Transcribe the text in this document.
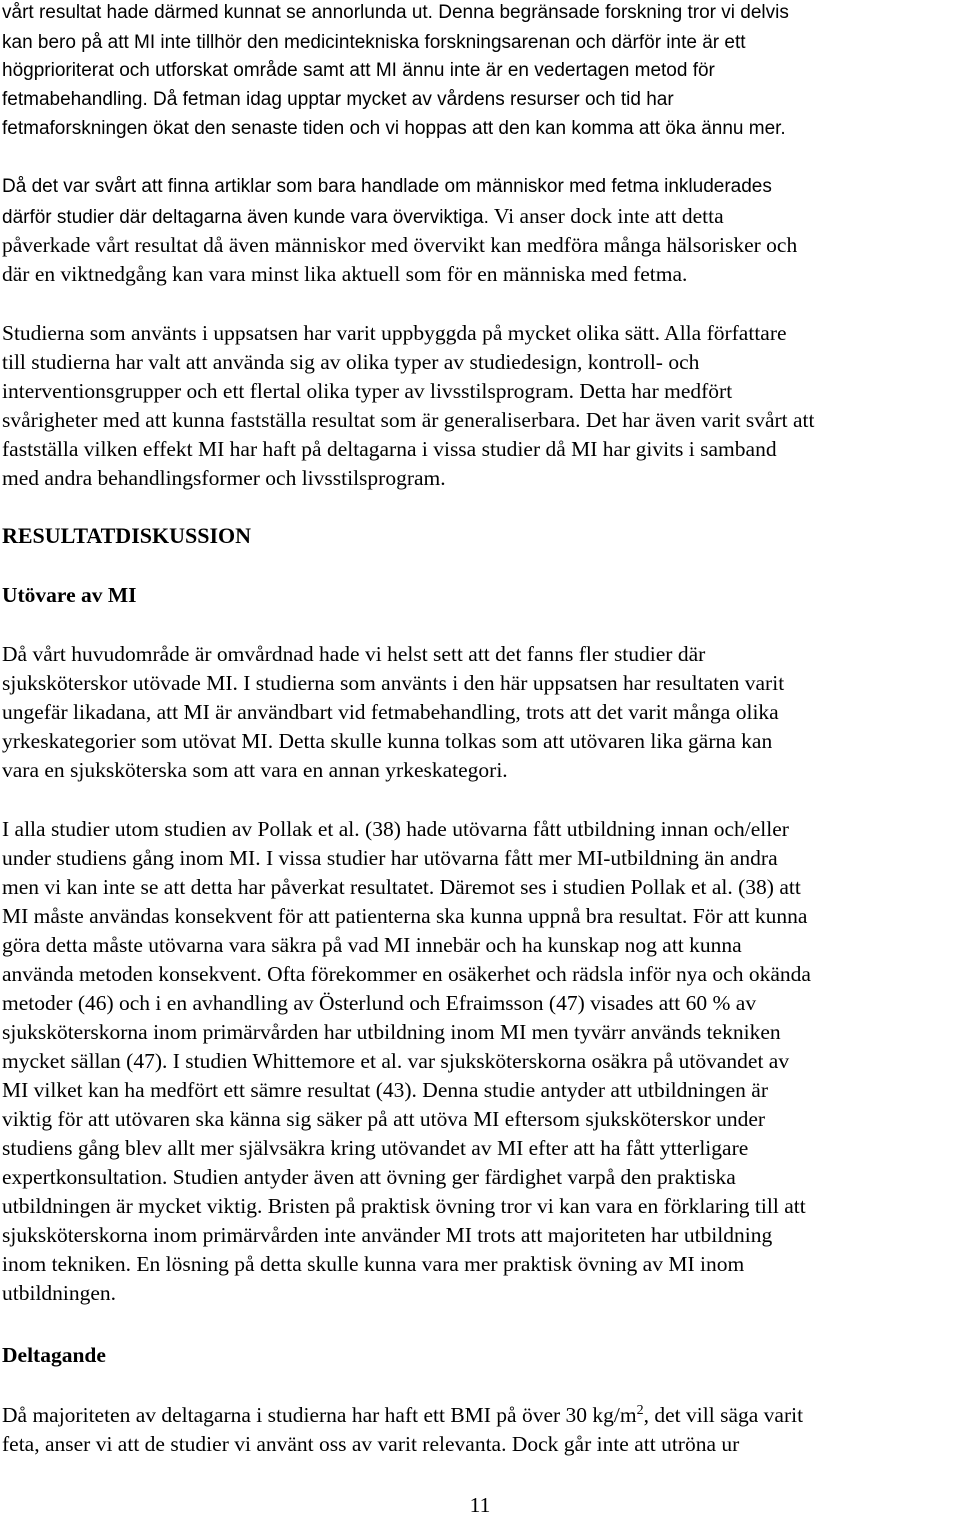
vårt resultat hade därmed kunnat se annorlunda ut. Denna begränsade forskning tror vi delvis
kan bero på att MI inte tillhör den medicintekniska forskningsarenan och därför inte är ett
högprioriterat och utforskat område samt att MI ännu inte är en vedertagen metod för
fetmabehandling. Då fetman idag upptar mycket av vårdens resurser och tid har
fetmaforskningen ökat den senaste tiden och vi hoppas att den kan komma att öka ännu mer.
Då det var svårt att finna artiklar som bara handlade om människor med fetma inkluderades
därför studier där deltagarna även kunde vara överviktiga. Vi anser dock inte att detta
påverkade vårt resultat då även människor med övervikt kan medföra många hälsorisker och
där en viktnedgång kan vara minst lika aktuell som för en människa med fetma.
Studierna som använts i uppsatsen har varit uppbyggda på mycket olika sätt. Alla författare
till studierna har valt att använda sig av olika typer av studiedesign, kontroll- och
interventionsgrupper och ett flertal olika typer av livsstilsprogram. Detta har medfört
svårigheter med att kunna fastställa resultat som är generaliserbara. Det har även varit svårt att
fastställa vilken effekt MI har haft på deltagarna i vissa studier då MI har givits i samband
med andra behandlingsformer och livsstilsprogram.
RESULTATDISKUSSION
Utövare av MI
Då vårt huvudområde är omvårdnad hade vi helst sett att det fanns fler studier där
sjuksköterskor utövade MI. I studierna som använts i den här uppsatsen har resultaten varit
ungefär likadana, att MI är användbart vid fetmabehandling, trots att det varit många olika
yrkeskategorier som utövat MI. Detta skulle kunna tolkas som att utövaren lika gärna kan
vara en sjuksköterska som att vara en annan yrkeskategori.
I alla studier utom studien av Pollak et al. (38) hade utövarna fått utbildning innan och/eller
under studiens gång inom MI. I vissa studier har utövarna fått mer MI-utbildning än andra
men vi kan inte se att detta har påverkat resultatet. Däremot ses i studien Pollak et al. (38) att
MI måste användas konsekvent för att patienterna ska kunna uppnå bra resultat. För att kunna
göra detta måste utövarna vara säkra på vad MI innebär och ha kunskap nog att kunna
använda metoden konsekvent. Ofta förekommer en osäkerhet och rädsla inför nya och okända
metoder (46) och i en avhandling av Österlund och Efraimsson (47) visades att 60 % av
sjuksköterskorna inom primärvården har utbildning inom MI men tyvärr används tekniken
mycket sällan (47). I studien Whittemore et al. var sjuksköterskorna osäkra på utövandet av
MI vilket kan ha medfört ett sämre resultat (43). Denna studie antyder att utbildningen är
viktig för att utövaren ska känna sig säker på att utöva MI eftersom sjuksköterskor under
studiens gång blev allt mer självsäkra kring utövandet av MI efter att ha fått ytterligare
expertkonsultation. Studien antyder även att övning ger färdighet varpå den praktiska
utbildningen är mycket viktig. Bristen på praktisk övning tror vi kan vara en förklaring till att
sjuksköterskorna inom primärvården inte använder MI trots att majoriteten har utbildning
inom tekniken. En lösning på detta skulle kunna vara mer praktisk övning av MI inom
utbildningen.
Deltagande
Då majoriteten av deltagarna i studierna har haft ett BMI på över 30 $kg/m^2$, det vill säga varit
feta, anser vi att de studier vi använt oss av varit relevanta. Dock går inte att utröna ur
11
